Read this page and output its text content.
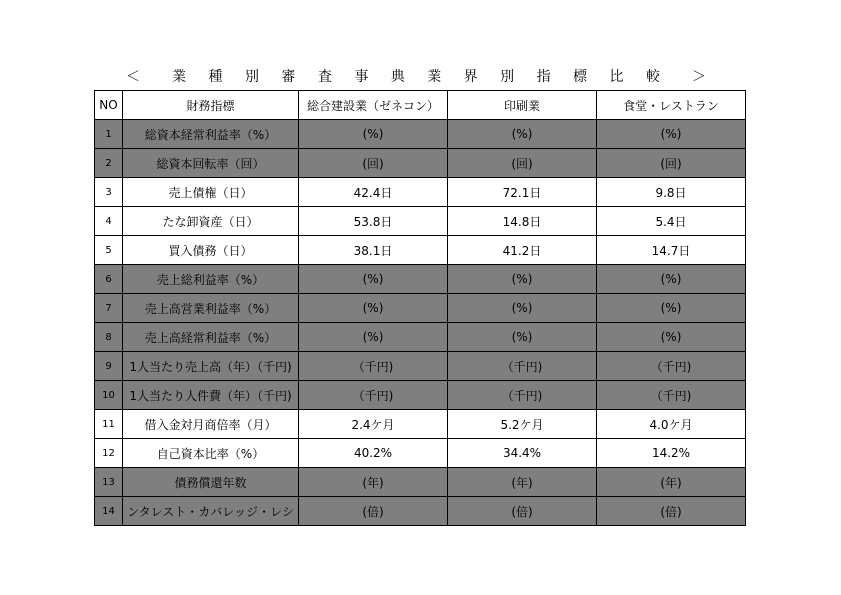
＜　業 種 別 審 査 事 典 業 界 別 指 標 比 較　＞
NO	財務指標	総合建設業（ゼネコン）	印刷業	食堂・レストラン
1	総資本経常利益率（%）	(%)	(%)	(%)
2	総資本回転率（回）	(回)	(回)	(回)
3	売上債権（日）	42.4日	72.1日	9.8日
4	たな卸資産（日）	53.8日	14.8日	5.4日
5	買入債務（日）	38.1日	41.2日	14.7日
6	売上総利益率（%）	(%)	(%)	(%)
7	売上高営業利益率（%）	(%)	(%)	(%)
8	売上高経常利益率（%）	(%)	(%)	(%)
9	1人当たり売上高（年）（千円)	（千円)	（千円)	（千円)
10	1人当たり人件費（年）（千円)	（千円)	（千円)	（千円)
11	借入金対月商倍率（月）	2.4ケ月	5.2ケ月	4.0ケ月
12	自己資本比率（%）	40.2%	34.4%	14.2%
13	債務償還年数	(年)	(年)	(年)
14	ンタレスト・カバレッジ・レシ	(倍)	(倍)	(倍)
